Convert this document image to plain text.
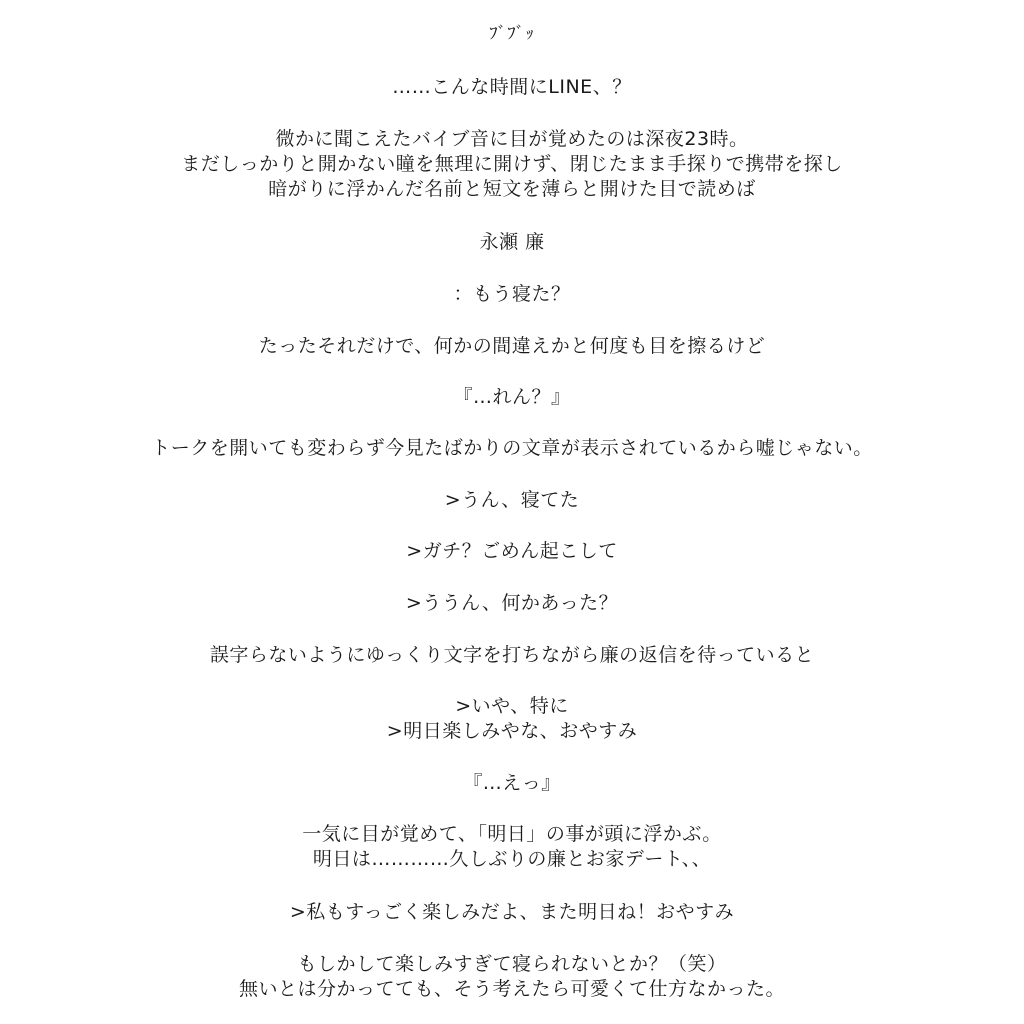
ﾌﾞﾌﾞｯ
……こんな時間にLINE、？
微かに聞こえたバイブ音に目が覚めたのは深夜23時。
まだしっかりと開かない瞳を無理に開けず、閉じたまま手探りで携帯を探し
暗がりに浮かんだ名前と短文を薄らと開けた目で読めば
永瀬 廉
：もう寝た？
たったそれだけで、何かの間違えかと何度も目を擦るけど
『…れん？』
トークを開いても変わらず今見たばかりの文章が表示されているから嘘じゃない。
>うん、寝てた
>ガチ？ごめん起こして
>ううん、何かあった？
誤字らないようにゆっくり文字を打ちながら廉の返信を待っていると
>いや、特に
>明日楽しみやな、おやすみ
『…えっ』
一気に目が覚めて、「明日」の事が頭に浮かぶ。
明日は…………久しぶりの廉とお家デート、、
>私もすっごく楽しみだよ、また明日ね！おやすみ
もしかして楽しみすぎて寝られないとか？（笑）
無いとは分かってても、そう考えたら可愛くて仕方なかった。
